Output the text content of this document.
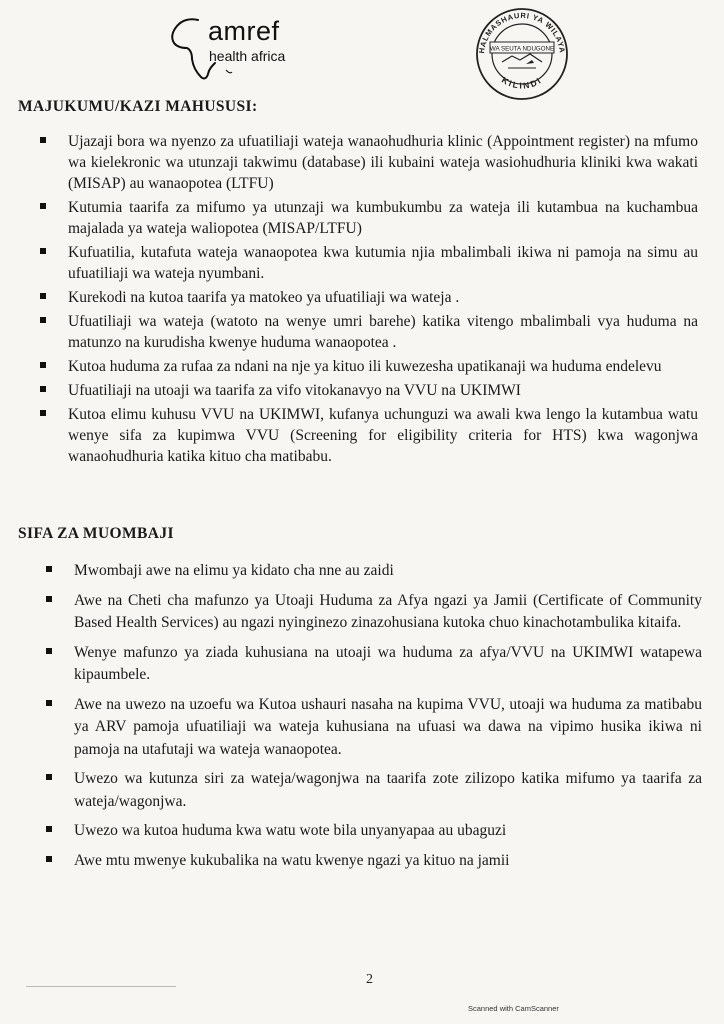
amref
health africa	HALMASHAURI YA WILAYA
KILINDI
WA SEUTA NDUGONE
MAJUKUMU/KAZI MAHUSUSI:
Ujazaji bora wa nyenzo za ufuatiliaji wateja wanaohudhuria klinic (Appointment register) na mfumo wa kielekronic wa utunzaji takwimu (database) ili kubaini wateja wasiohudhuria kliniki kwa wakati (MISAP) au wanaopotea (LTFU)
Kutumia taarifa za mifumo ya utunzaji wa kumbukumbu za wateja ili kutambua na kuchambua majalada ya wateja waliopotea (MISAP/LTFU)
Kufuatilia, kutafuta wateja wanaopotea kwa kutumia njia mbalimbali ikiwa ni pamoja na simu au ufuatiliaji wa wateja nyumbani.
Kurekodi na kutoa taarifa ya matokeo ya ufuatiliaji wa wateja .
Ufuatiliaji wa wateja (watoto na wenye umri barehe) katika vitengo mbalimbali vya huduma na matunzo na kurudisha kwenye huduma wanaopotea .
Kutoa huduma za rufaa za ndani na nje ya kituo ili kuwezesha upatikanaji wa huduma endelevu
Ufuatiliaji na utoaji wa taarifa za vifo vitokanavyo na VVU na UKIMWI
Kutoa elimu kuhusu VVU na UKIMWI, kufanya uchunguzi wa awali kwa lengo la kutambua watu wenye sifa za kupimwa VVU (Screening for eligibility criteria for HTS) kwa wagonjwa wanaohudhuria katika kituo cha matibabu.
SIFA ZA MUOMBAJI
Mwombaji awe na elimu ya kidato cha nne au zaidi
Awe na Cheti cha mafunzo ya Utoaji Huduma za Afya ngazi ya Jamii (Certificate of Community Based Health Services) au ngazi nyinginezo zinazohusiana kutoka chuo kinachotambulika kitaifa.
Wenye mafunzo ya ziada kuhusiana na utoaji wa huduma za afya/VVU na UKIMWI watapewa kipaumbele.
Awe na uwezo na uzoefu wa Kutoa ushauri nasaha na kupima VVU, utoaji wa huduma za matibabu ya ARV pamoja ufuatiliaji wa wateja kuhusiana na ufuasi wa dawa na vipimo husika ikiwa ni pamoja na utafutaji wa wateja wanaopotea.
Uwezo wa kutunza siri za wateja/wagonjwa na taarifa zote zilizopo katika mifumo ya taarifa za wateja/wagonjwa.
Uwezo wa kutoa huduma kwa watu wote bila unyanyapaa au ubaguzi
Awe mtu mwenye kukubalika na watu kwenye ngazi ya kituo na jamii
2
Scanned with CamScanner
